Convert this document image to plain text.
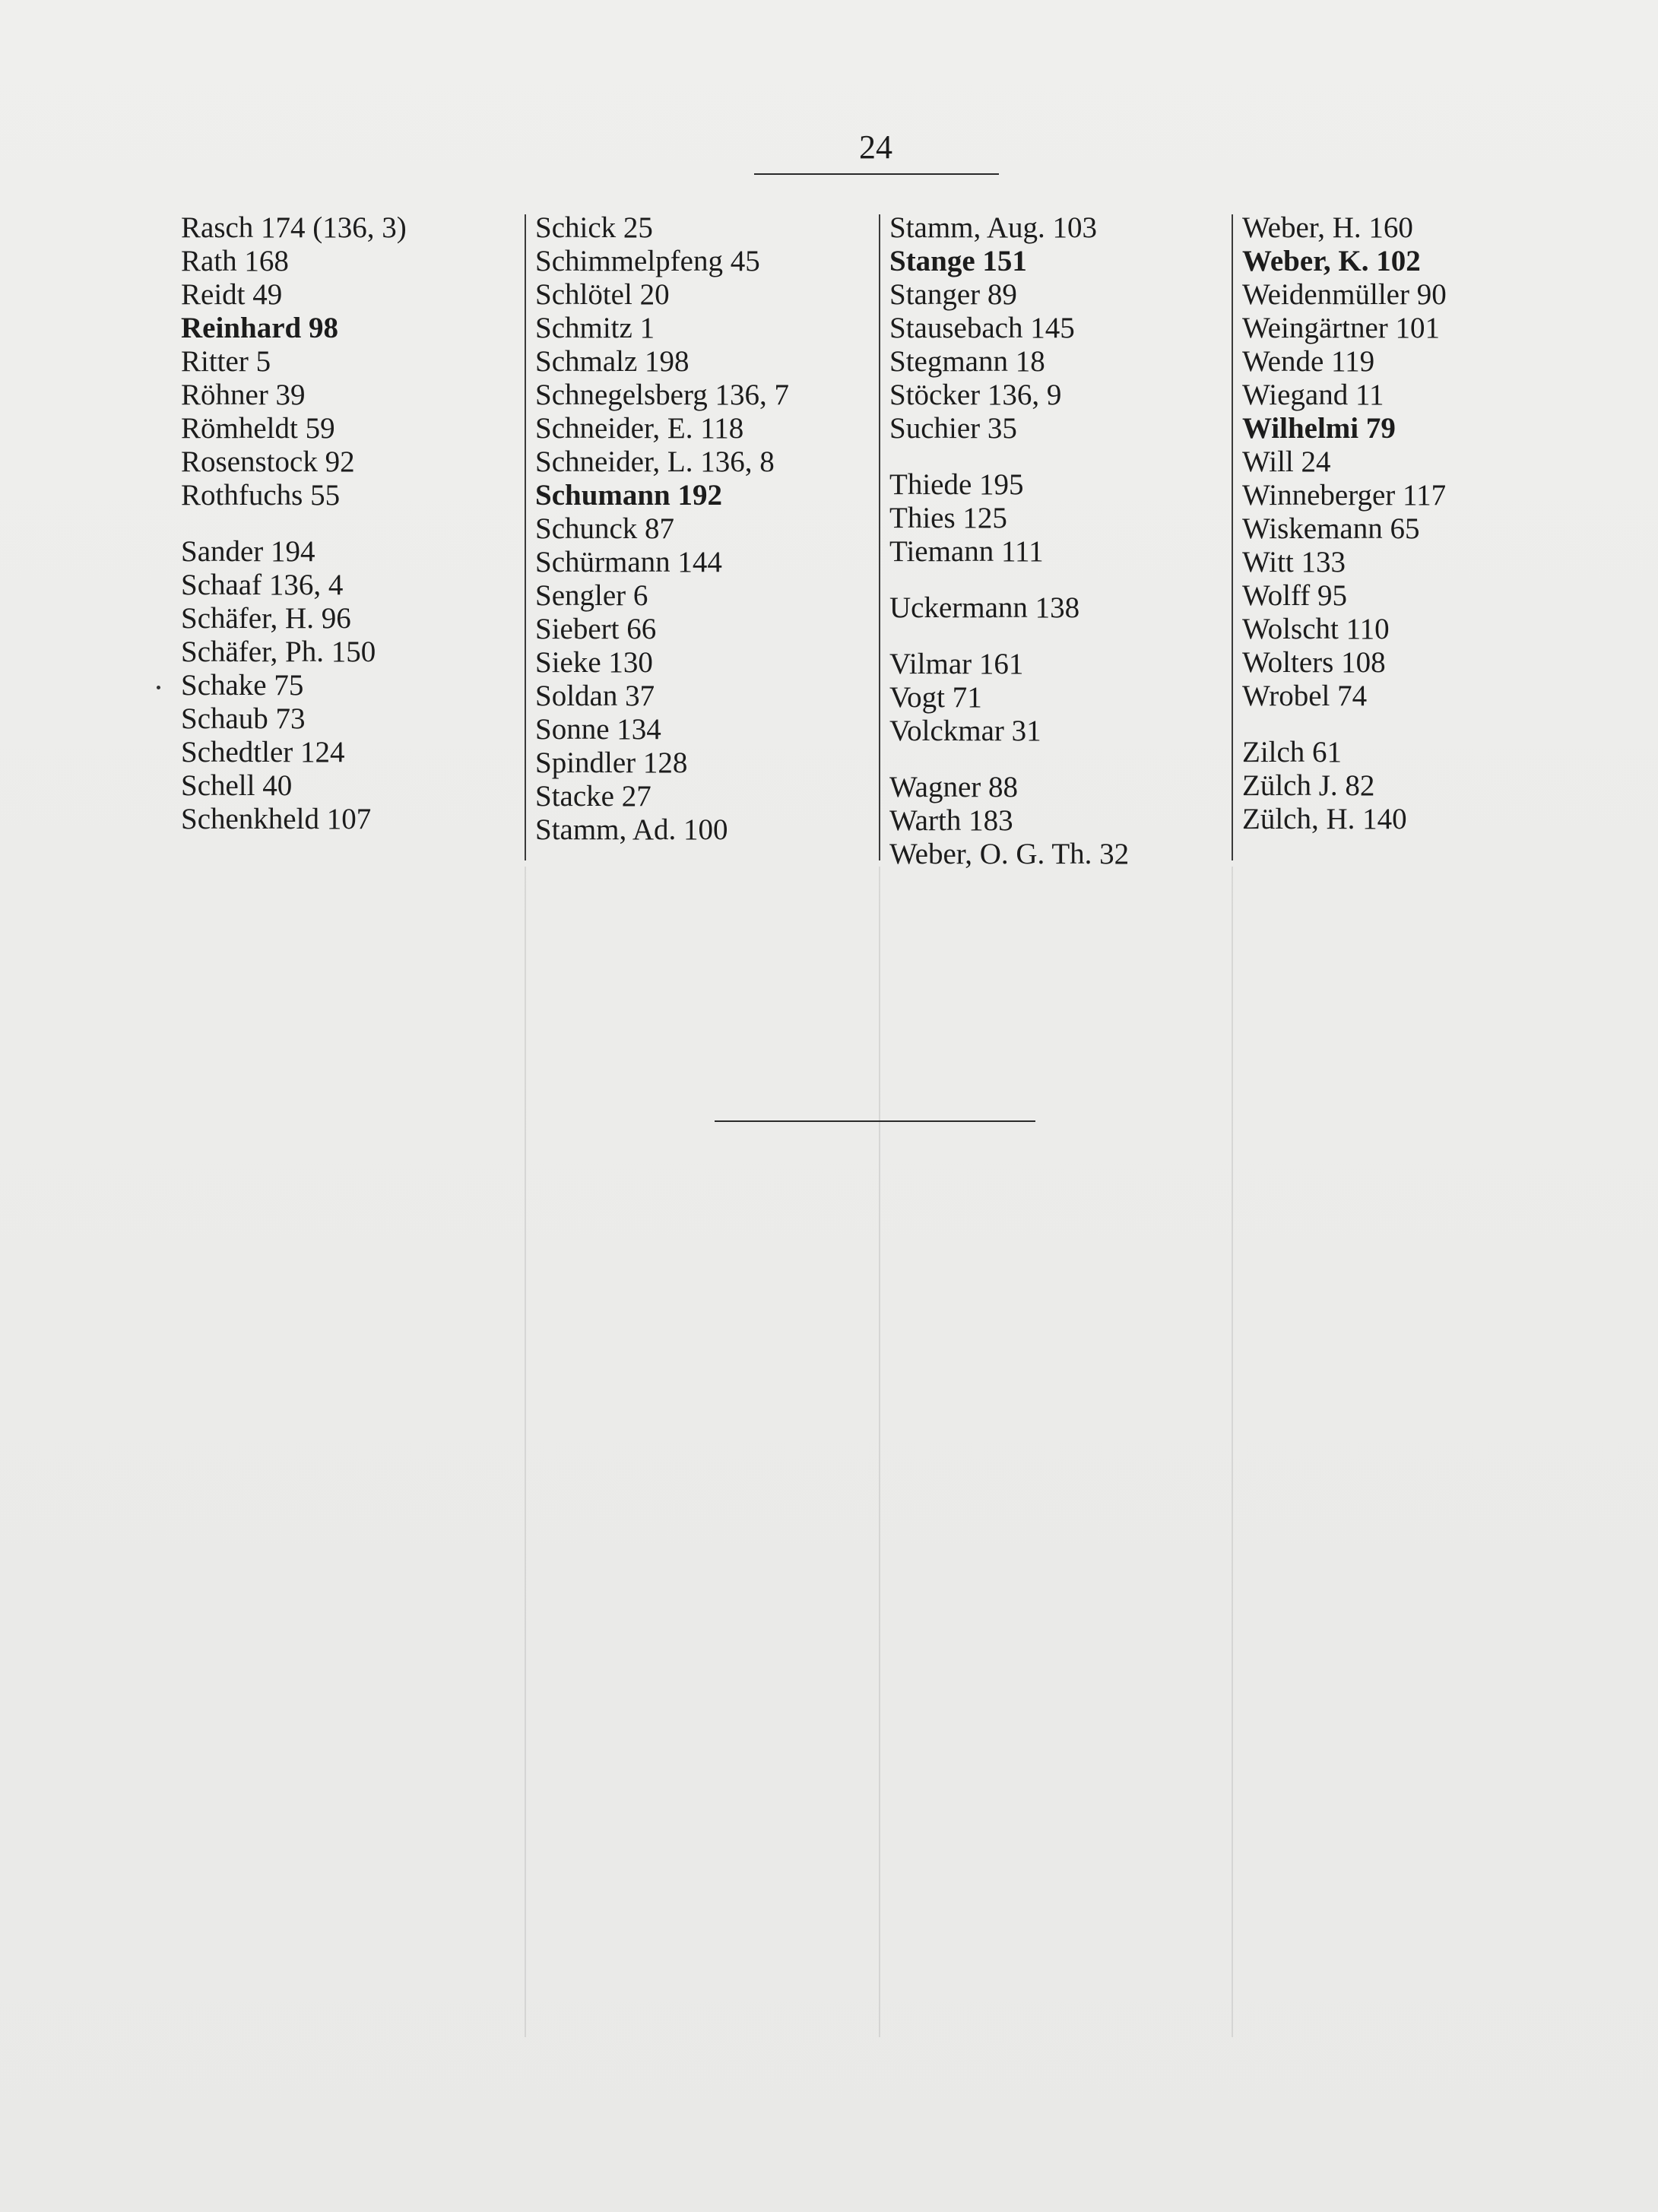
24
Rasch 174 (136, 3)
Rath 168
Reidt 49
Reinhard 98
Ritter 5
Röhner 39
Römheldt 59
Rosenstock 92
Rothfuchs 55
Sander 194
Schaaf 136, 4
Schäfer, H. 96
Schäfer, Ph. 150
Schake 75
Schaub 73
Schedtler 124
Schell 40
Schenkheld 107
Schick 25
Schimmelpfeng 45
Schlötel 20
Schmitz 1
Schmalz 198
Schnegelsberg 136, 7
Schneider, E. 118
Schneider, L. 136, 8
Schumann 192
Schunck 87
Schürmann 144
Sengler 6
Siebert 66
Sieke 130
Soldan 37
Sonne 134
Spindler 128
Stacke 27
Stamm, Ad. 100
Stamm, Aug. 103
Stange 151
Stanger 89
Stausebach 145
Stegmann 18
Stöcker 136, 9
Suchier 35
Thiede 195
Thies 125
Tiemann 111
Uckermann 138
Vilmar 161
Vogt 71
Volckmar 31
Wagner 88
Warth 183
Weber, O. G. Th. 32
Weber, H. 160
Weber, K. 102
Weidenmüller 90
Weingärtner 101
Wende 119
Wiegand 11
Wilhelmi 79
Will 24
Winneberger 117
Wiskemann 65
Witt 133
Wolff 95
Wolscht 110
Wolters 108
Wrobel 74
Zilch 61
Zülch J. 82
Zülch, H. 140
